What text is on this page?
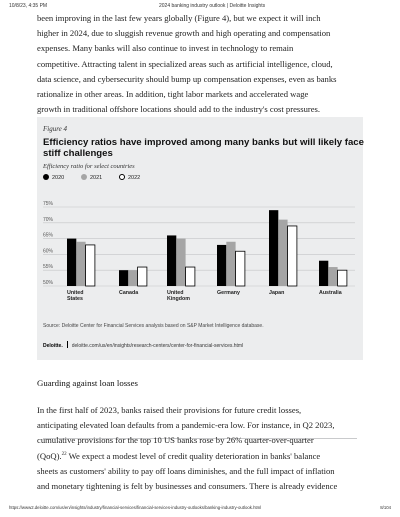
10/8/23, 4:35 PM	2024 banking industry outlook | Deloitte Insights
been improving in the last few years globally (Figure 4), but we expect it will inch
higher in 2024, due to sluggish revenue growth and high operating and compensation
expenses. Many banks will also continue to invest in technology to remain
competitive. Attracting talent in specialized areas such as artificial intelligence, cloud,
data science, and cybersecurity should bump up compensation expenses, even as banks
rationalize in other areas. In addition, tight labor markets and accelerated wage
growth in traditional offshore locations should add to the industry's cost pressures.
Figure 4
Efficiency ratios have improved among many banks but will likely face
stiff challenges
Efficiency ratio for select countries
2020	2021	2022
75%
70%
65%
60%
55%
50%
United
States
Canada	United
Kingdom
Germany	Japan	Australia
Source: Deloitte Center for Financial Services analysis based on S&P Market Intelligence database.
Deloitte. deloitte.com/us/en/insights/research-centers/center-for-financial-services.html
Guarding against loan losses
In the first half of 2023, banks raised their provisions for future credit losses,
anticipating elevated loan defaults from a pandemic-era low. For instance, in Q2 2023,
cumulative provisions for the top 10 US banks rose by 26% quarter-over-quarter
(QoQ).$^{22}$ We expect a modest level of credit quality deterioration in banks' balance
sheets as customers' ability to pay off loans diminishes, and the full impact of inflation
and monetary tightening is felt by businesses and consumers. There is already evidence
https://www2.deloitte.com/us/en/insights/industry/financial-services/financial-services-industry-outlooks/banking-industry-outlook.html	8/104
